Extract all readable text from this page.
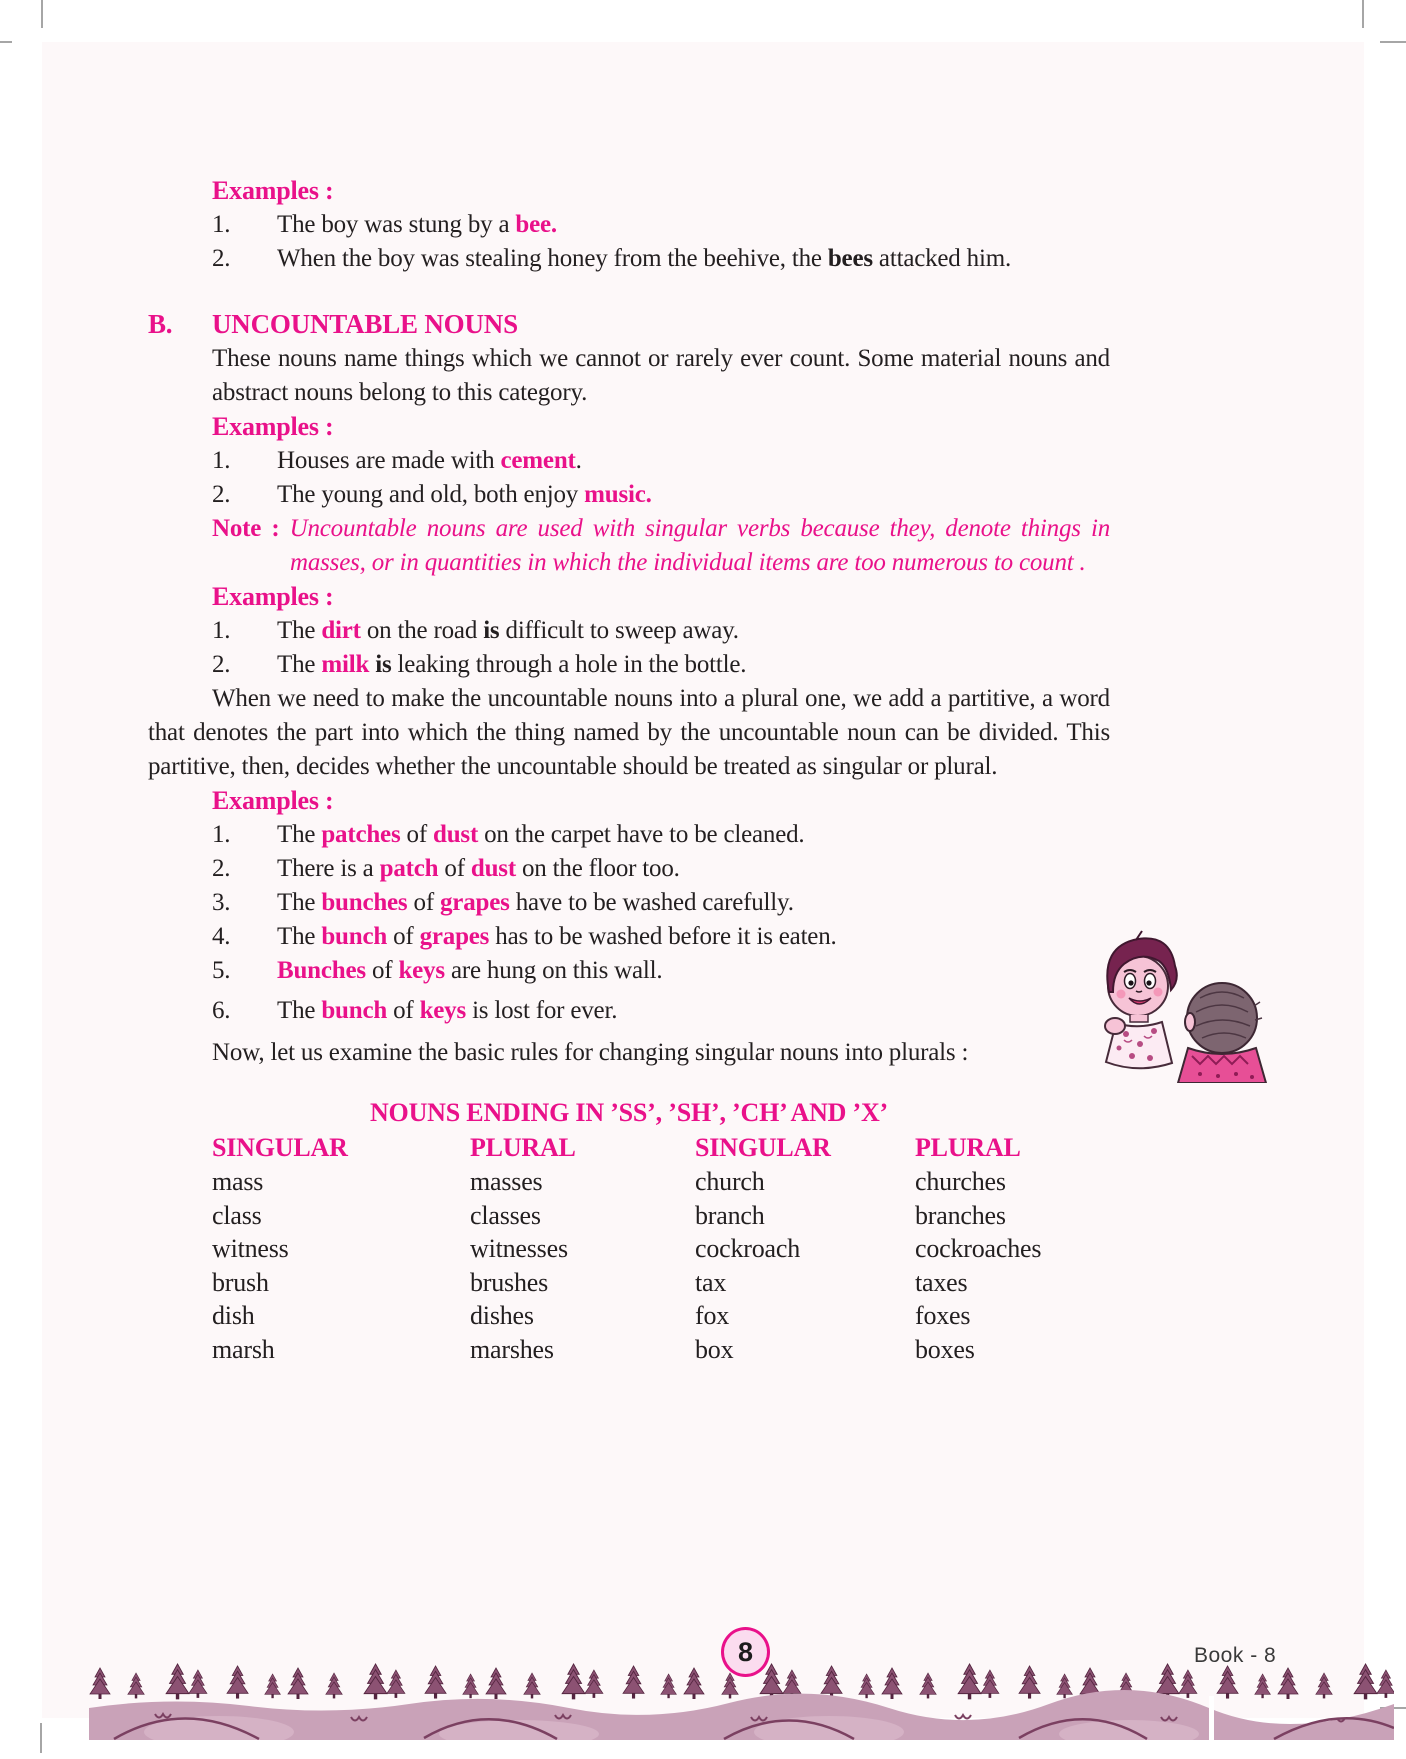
Examples :
1.	The boy was stung by a bee.
2.	When the boy was stealing honey from the beehive, the bees attacked him.
B.	UNCOUNTABLE NOUNS
These nouns name things which we cannot or rarely ever count. Some material nouns and abstract nouns belong to this category.
Examples :
1.	Houses are made with cement.
2.	The young and old, both enjoy music.
Note : Uncountable nouns are used with singular verbs because they, denote things in masses, or in quantities in which the individual items are too numerous to count .
Examples :
1.	The dirt on the road is difficult to sweep away.
2.	The milk is leaking through a hole in the bottle.
When we need to make the uncountable nouns into a plural one, we add a partitive, a word that denotes the part into which the thing named by the uncountable noun can be divided. This partitive, then, decides whether the uncountable should be treated as singular or plural.
Examples :
1.	The patches of dust on the carpet have to be cleaned.
2.	There is a patch of dust on the floor too.
3.	The bunches of grapes have to be washed carefully.
4.	The bunch of grapes has to be washed before it is eaten.
5.	Bunches of keys are hung on this wall.
6.	The bunch of keys is lost for ever.
Now, let us examine the basic rules for changing singular nouns into plurals :
NOUNS ENDING IN ’SS’, ’SH’, ’CH’ AND ’X’
SINGULAR	PLURAL	SINGULAR	PLURAL
mass	masses	church	churches
class	classes	branch	branches
witness	witnesses	cockroach	cockroaches
brush	brushes	tax	taxes
dish	dishes	fox	foxes
marsh	marshes	box	boxes
8	Book - 8
